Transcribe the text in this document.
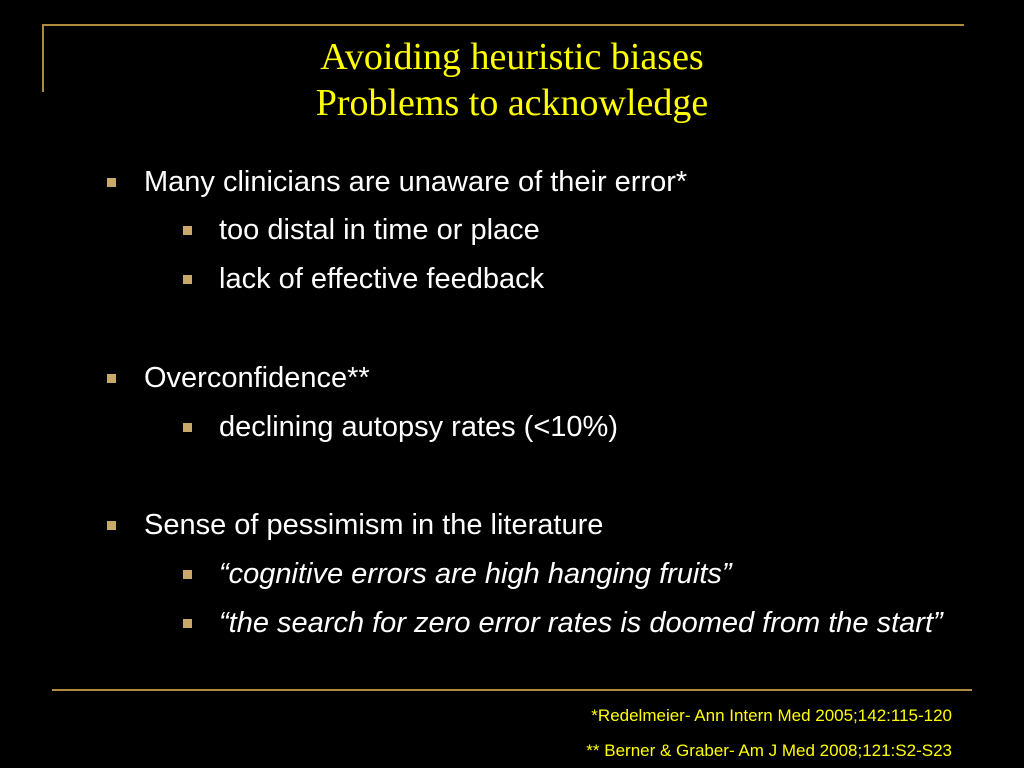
Avoiding heuristic biases
Problems to acknowledge
Many clinicians are unaware of their error*
too distal in time or place
lack of effective feedback
Overconfidence**
declining autopsy rates (<10%)
Sense of pessimism in the literature
“cognitive errors are high hanging fruits”
“the search for zero error rates is doomed from the start”
*Redelmeier- Ann Intern Med 2005;142:115-120
** Berner & Graber- Am J Med 2008;121:S2-S23
